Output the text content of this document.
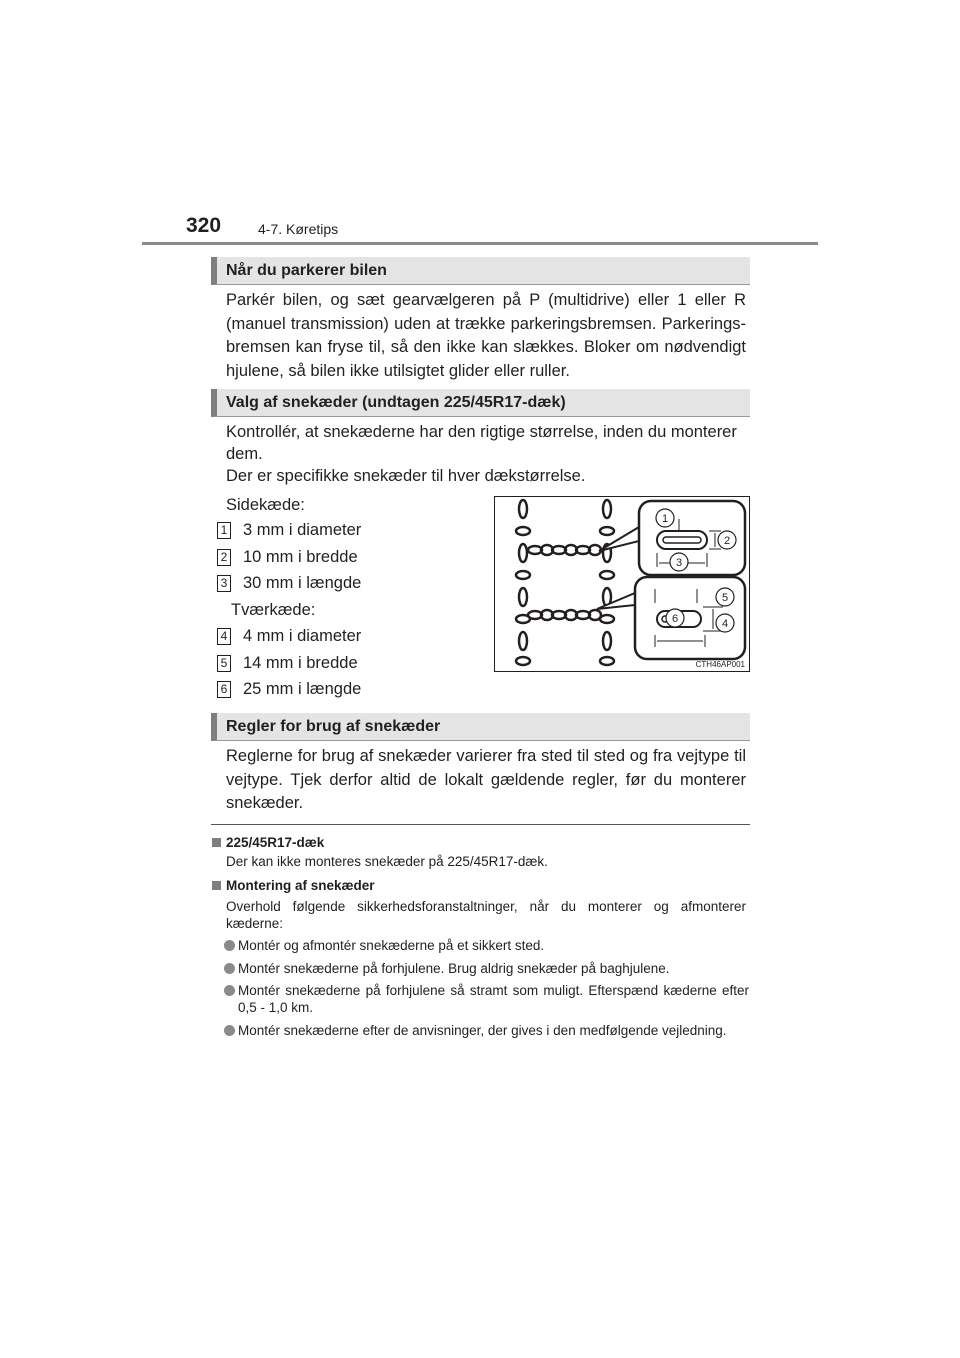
320	4-7. Køretips
Når du parkerer bilen

Parkér bilen, og sæt gearvælgeren på P (multidrive) eller 1 eller R (manuel transmission) uden at trække parkeringsbremsen. Parkerings-bremsen kan fryse til, så den ikke kan slækkes. Bloker om nødvendigt hjulene, så bilen ikke utilsigtet glider eller ruller.

Valg af snekæder (undtagen 225/45R17-dæk)
Kontrollér, at snekæderne har den rigtige størrelse, inden du monterer
dem.
Der er specifikke snekæder til hver dækstørrelse.
Sidekæde:
1 3 mm i diameter
2 10 mm i bredde
3 30 mm i længde
Tværkæde:
4 4 mm i diameter
5 14 mm i bredde
6 25 mm i længde
1
2
3
4
5
6
CTH46AP001
Regler for brug af snekæder

Reglerne for brug af snekæder varierer fra sted til sted og fra vejtype til vejtype. Tjek derfor altid de lokalt gældende regler, før du monterer snekæder.

225/45R17-dæk

Der kan ikke monteres snekæder på 225/45R17-dæk.

Montering af snekæder

Overhold følgende sikkerhedsforanstaltninger, når du monterer og afmonterer kæderne:

Montér og afmontér snekæderne på et sikkert sted.

Montér snekæderne på forhjulene. Brug aldrig snekæder på baghjulene.

Montér snekæderne på forhjulene så stramt som muligt. Efterspænd kæderne efter 0,5 - 1,0 km.

Montér snekæderne efter de anvisninger, der gives i den medfølgende vejledning.
